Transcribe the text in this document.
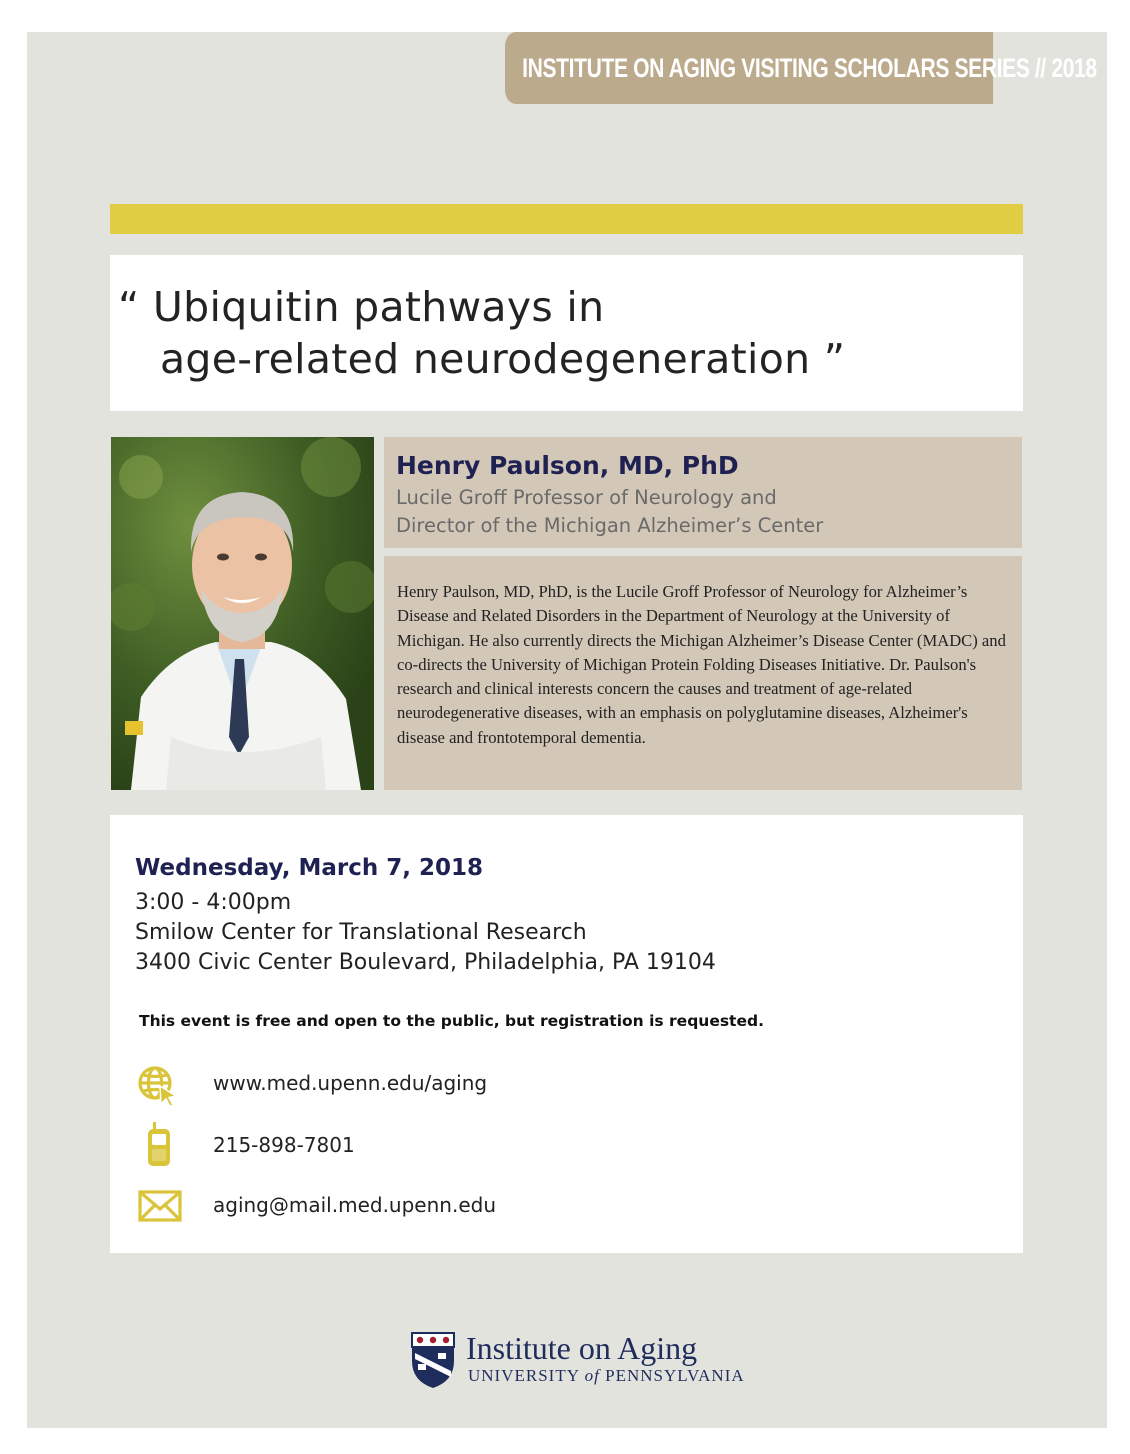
INSTITUTE ON AGING VISITING SCHOLARS SERIES // 2018
“ Ubiquitin pathways in
age-related neurodegeneration ”
Henry Paulson, MD, PhD
Lucile Groff Professor of Neurology and
Director of the Michigan Alzheimer’s Center
Henry Paulson, MD, PhD, is the Lucile Groff Professor of Neurology for Alzheimer’s Disease and Related Disorders in the Department of Neurology at the University of Michigan. He also currently directs the Michigan Alzheimer’s Disease Center (MADC) and co-directs the University of Michigan Protein Folding Diseases Initiative. Dr. Paulson's research and clinical interests concern the causes and treatment of age-related neurodegenerative diseases, with an emphasis on polyglutamine diseases, Alzheimer's disease and frontotemporal dementia.
Wednesday, March 7, 2018
3:00 - 4:00pm
Smilow Center for Translational Research
3400 Civic Center Boulevard, Philadelphia, PA 19104
This event is free and open to the public, but registration is requested.
www.med.upenn.edu/aging
215-898-7801
aging@mail.med.upenn.edu
Institute on Aging
UNIVERSITY of PENNSYLVANIA
